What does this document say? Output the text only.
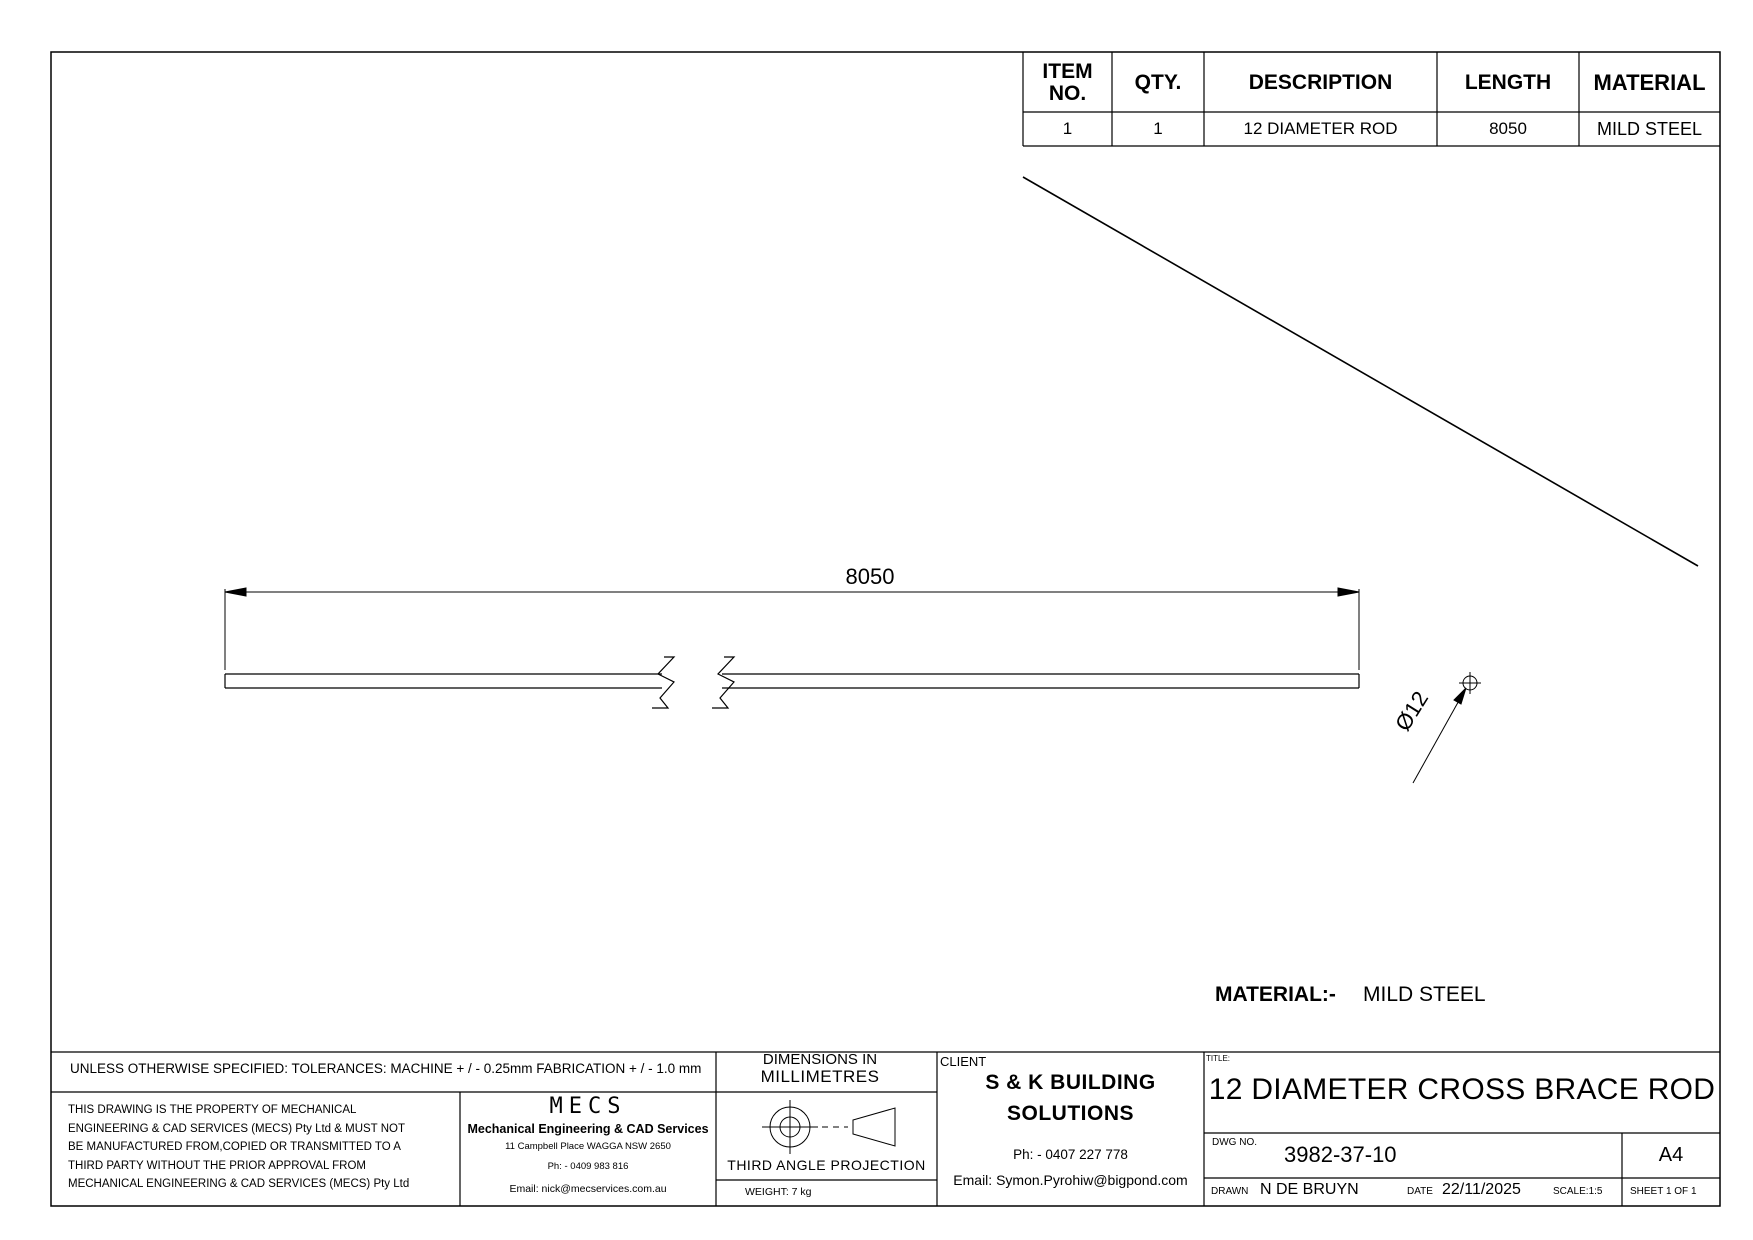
ITEM NO.	QTY.	DESCRIPTION	LENGTH	MATERIAL
1	1	12 DIAMETER ROD	8050	MILD STEEL
8050
Ø12
MATERIAL:- MILD STEEL
UNLESS OTHERWISE SPECIFIED: TOLERANCES: MACHINE + / - 0.25mm FABRICATION + / - 1.0 mm
DIMENSIONS IN
MILLIMETRES
THIS DRAWING IS THE PROPERTY OF MECHANICAL
ENGINEERING & CAD SERVICES (MECS) Pty Ltd & MUST NOT
BE MANUFACTURED FROM,COPIED OR TRANSMITTED TO A
THIRD PARTY WITHOUT THE PRIOR APPROVAL FROM
MECHANICAL ENGINEERING & CAD SERVICES (MECS) Pty Ltd
MECS
Mechanical Engineering & CAD Services
11 Campbell Place WAGGA NSW 2650
Ph: - 0409 983 816
Email: nick@mecservices.com.au
THIRD ANGLE PROJECTION
WEIGHT: 7 kg
CLIENT
S & K BUILDING
SOLUTIONS
Ph: - 0407 227 778
Email: Symon.Pyrohiw@bigpond.com
TITLE:
12 DIAMETER CROSS BRACE ROD
DWG NO. 3982-37-10	A4
DRAWN N DE BRUYN	DATE 22/11/2025	SCALE:1:5	SHEET 1 OF 1
